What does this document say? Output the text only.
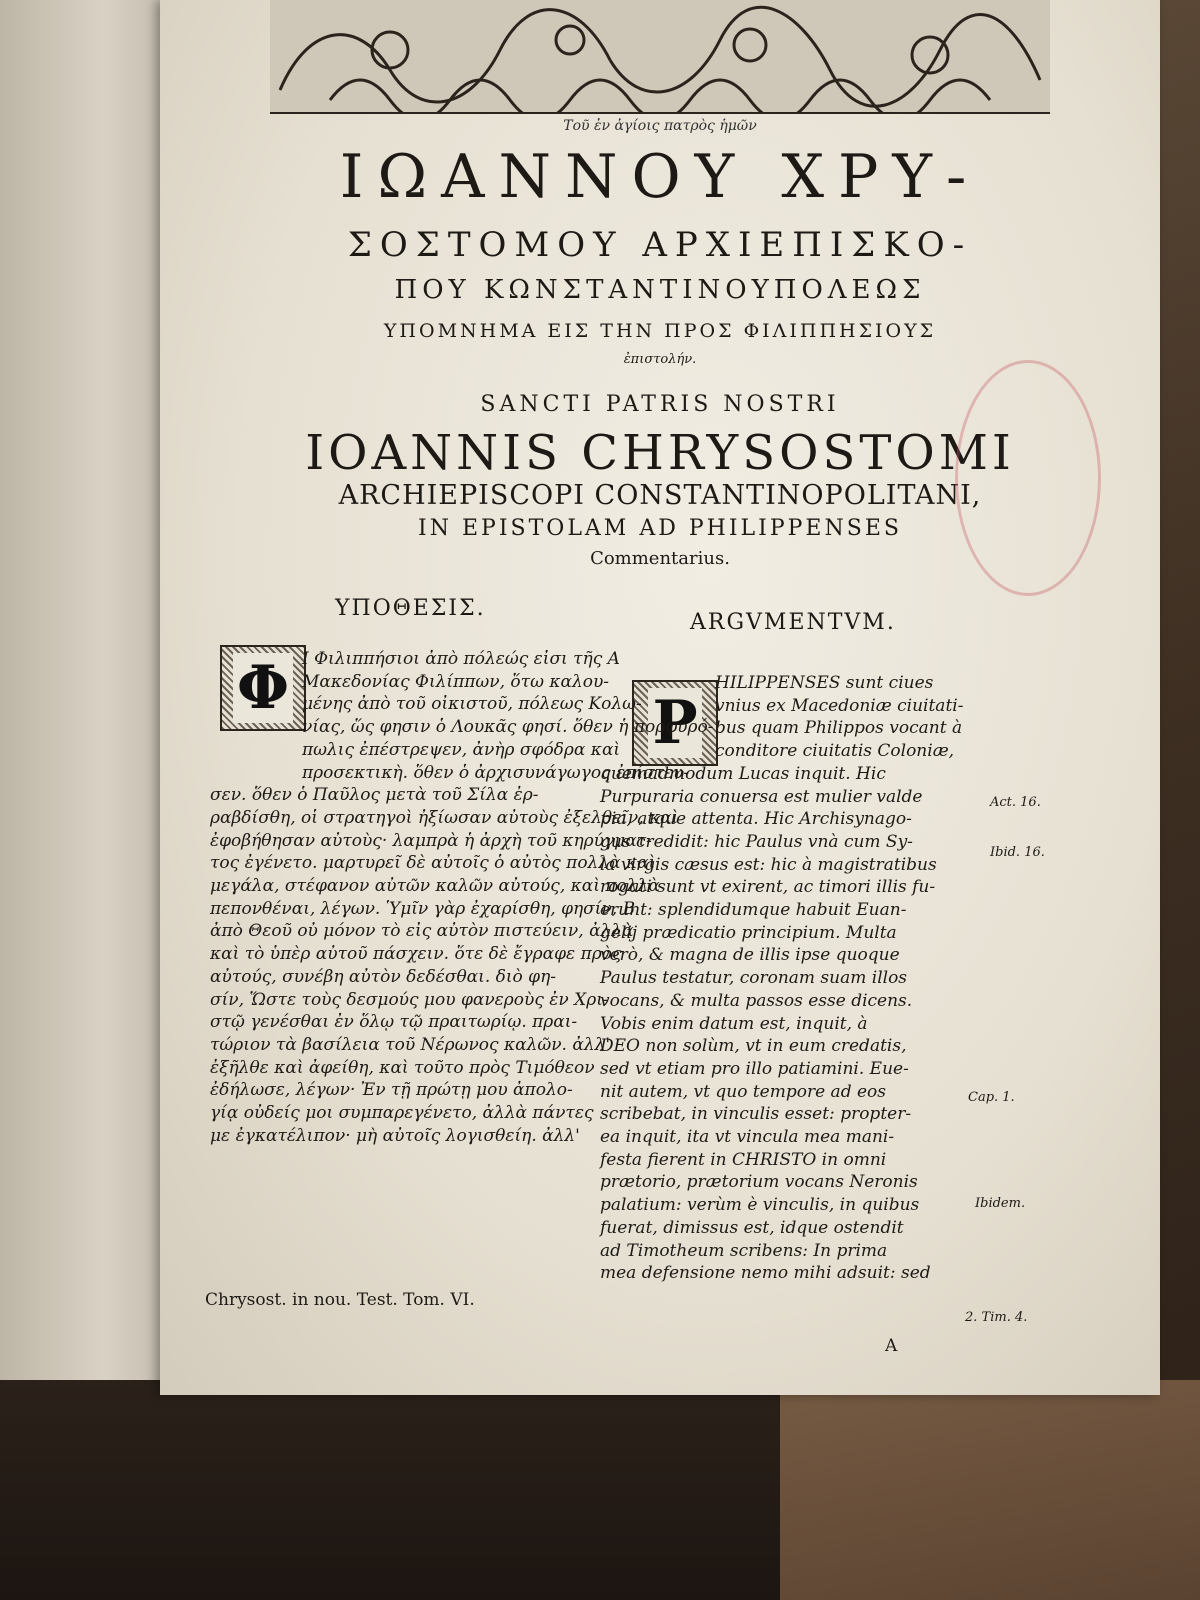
Τοῦ ἐν ἁγίοις πατρὸς ἡμῶν
ΙΩΑΝΝΟΥ ΧΡΥ-
ΣΟΣΤΟΜΟΥ ΑΡΧΙΕΠΙΣΚΟ-
ΠΟΥ ΚΩΝΣΤΑΝΤΙΝΟΥΠΟΛΕΩΣ
ΥΠΟΜΝΗΜΑ ΕΙΣ ΤΗΝ ΠΡΟΣ ΦΙΛΙΠΠΗΣΙΟΥΣ
ἐπιστολήν.
SANCTI PATRIS NOSTRI
IOANNIS CHRYSOSTOMI
ARCHIEPISCOPI CONSTANTINOPOLITANI,
IN EPISTOLAM AD PHILIPPENSES
Commentarius.
ΥΠΟΘΕΣΙΣ.
ARGVMENTVM.
Φ	P
Ι Φιλιππήσιοι ἀπὸ πόλεώς εἰσι τῆς A
Μακεδονίας Φιλίππων, ὅτω καλου-
μένης ἀπὸ τοῦ οἰκιστοῦ, πόλεως Κολω-
νίας, ὥς φησιν ὁ Λουκᾶς φησί. ὅθεν ἡ πορφυρό-
πωλις ἐπέστρεψεν, ἀνὴρ σφόδρα καὶ
προσεκτικὴ. ὅθεν ὁ ἀρχισυνάγωγος ἐπίστευ-
σεν. ὅθεν ὁ Παῦλος μετὰ τοῦ Σίλα ἐρ-
ραβδίσθη, οἱ στρατηγοὶ ἠξίωσαν αὐτοὺς ἐξελθεῖν, καὶ
ἐφοβήθησαν αὐτοὺς· λαμπρὰ ἡ ἀρχὴ τοῦ κηρύγματ-
τος ἐγένετο. μαρτυρεῖ δὲ αὐτοῖς ὁ αὐτὸς πολλὰ καὶ
μεγάλα, στέφανον αὐτῶν καλῶν αὐτούς, καὶ πολλὰ
πεπονθέναι, λέγων. Ὑμῖν γὰρ ἐχαρίσθη, φησίν, B
ἀπὸ Θεοῦ οὐ μόνον τὸ εἰς αὐτὸν πιστεύειν, ἀλλὰ
καὶ τὸ ὑπὲρ αὐτοῦ πάσχειν. ὅτε δὲ ἔγραφε πρὸς
αὐτούς, συνέβη αὐτὸν δεδέσθαι. διὸ φη-
σίν, Ὥστε τοὺς δεσμούς μου φανεροὺς ἐν Χρι-
στῷ γενέσθαι ἐν ὅλῳ τῷ πραιτωρίῳ. πραι-
τώριον τὰ βασίλεια τοῦ Νέρωνος καλῶν. ἀλλ'
ἐξῆλθε καὶ ἀφείθη, καὶ τοῦτο πρὸς Τιμόθεον
ἐδήλωσε, λέγων· Ἐν τῇ πρώτῃ μου ἀπολο-
γίᾳ οὐδείς μοι συμπαρεγένετο, ἀλλὰ πάντες
με ἐγκατέλιπον· μὴ αὐτοῖς λογισθείη. ἀλλ'
HILIPPENSES sunt ciues
vnius ex Macedoniæ ciuitati-
bus quam Philippos vocant à
conditore ciuitatis Coloniæ,
quemadmodum Lucas inquit. Hic
Purpuraria conuersa est mulier valde
pia, atque attenta. Hic Archisynago-
gus credidit: hic Paulus vnà cum Sy-
la virgis cæsus est: hic à magistratibus
rogati sunt vt exirent, ac timori illis fu-
erunt: splendidumque habuit Euan-
gelij prædicatio principium. Multa
verò, & magna de illis ipse quoque
Paulus testatur, coronam suam illos
vocans, & multa passos esse dicens.
Vobis enim datum est, inquit, à
DEO non solùm, vt in eum credatis,
sed vt etiam pro illo patiamini. Eue-
nit autem, vt quo tempore ad eos
scribebat, in vinculis esset: propter-
ea inquit, ita vt vincula mea mani-
festa fierent in CHRISTO in omni
prætorio, prætorium vocans Neronis
palatium: verùm è vinculis, in quibus
fuerat, dimissus est, idque ostendit
ad Timotheum scribens: In prima
mea defensione nemo mihi adsuit: sed
Act. 16.
Ibid. 16.
Cap. 1.
Ibidem.
2. Tim. 4.
Chrysost. in nou. Test. Tom. VI.
A
